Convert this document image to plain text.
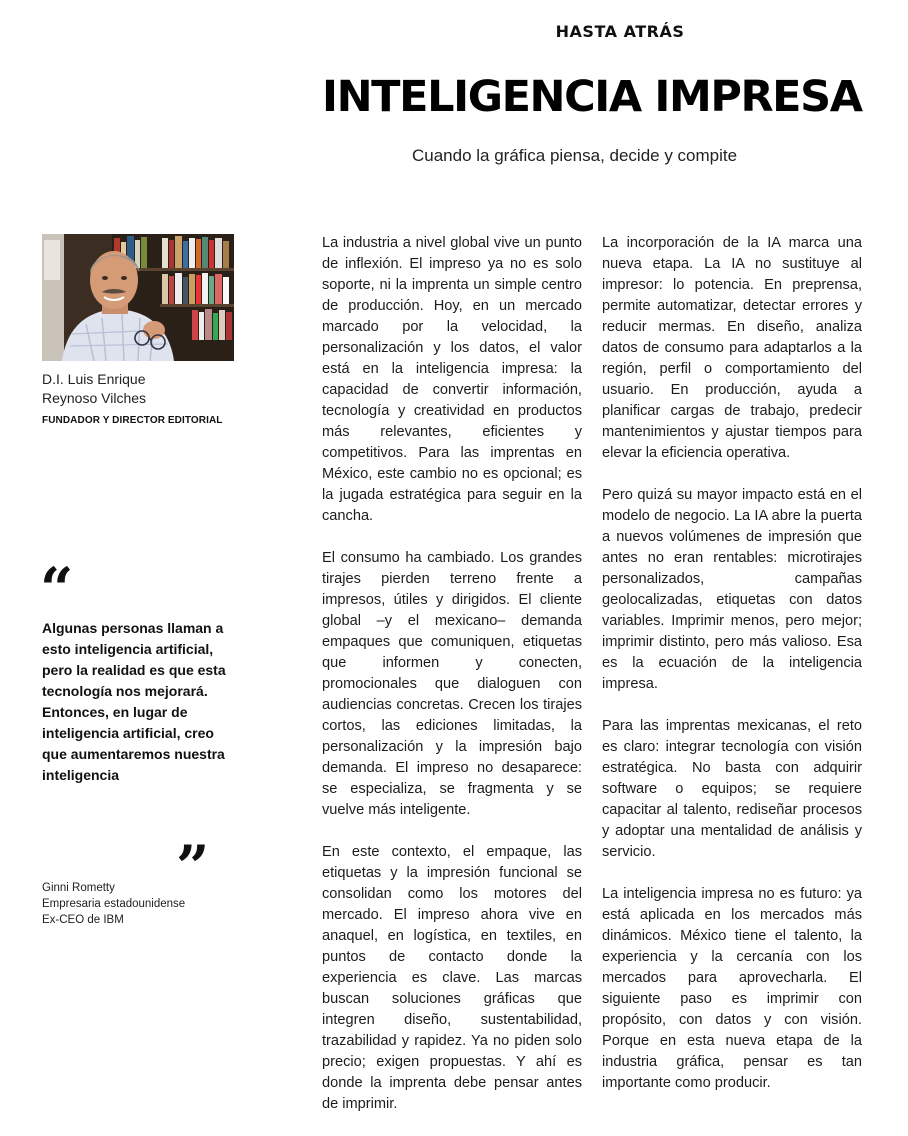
HASTA ATRÁS
INTELIGENCIA IMPRESA
Cuando la gráfica piensa, decide y compite
D.I. Luis Enrique
Reynoso Vilches
FUNDADOR Y DIRECTOR EDITORIAL
“
Algunas personas llaman a esto inteligencia artificial, pero la realidad es que esta tecnología nos mejorará. Entonces, en lugar de inteligencia artificial, creo que aumentaremos nuestra inteligencia
”
Ginni Rometty
Empresaria estadounidense
Ex-CEO de IBM

La industria a nivel global vive un punto de inflexión. El impreso ya no es solo soporte, ni la imprenta un simple centro de producción. Hoy, en un mercado marcado por la velocidad, la personalización y los datos, el valor está en la inteligencia impresa: la capacidad de convertir información, tecnología y creatividad en productos más relevantes, eficientes y competitivos. Para las imprentas en México, este cambio no es opcional; es la jugada estratégica para seguir en la cancha.

El consumo ha cambiado. Los grandes tirajes pierden terreno frente a impresos, útiles y dirigidos. El cliente global –y el mexicano– demanda empaques que comuniquen, etiquetas que informen y conecten, promocionales que dialoguen con audiencias concretas. Crecen los tirajes cortos, las ediciones limitadas, la personalización y la impresión bajo demanda. El impreso no desaparece: se especializa, se fragmenta y se vuelve más inteligente.

En este contexto, el empaque, las etiquetas y la impresión funcional se consolidan como los motores del mercado. El impreso ahora vive en anaquel, en logística, en textiles, en puntos de contacto donde la experiencia es clave. Las marcas buscan soluciones gráficas que integren diseño, sustentabilidad, trazabilidad y rapidez. Ya no piden solo precio; exigen propuestas. Y ahí es donde la imprenta debe pensar antes de imprimir.

La incorporación de la IA marca una nueva etapa. La IA no sustituye al impresor: lo potencia. En preprensa, permite automatizar, detectar errores y reducir mermas. En diseño, analiza datos de consumo para adaptarlos a la región, perfil o comportamiento del usuario. En producción, ayuda a planificar cargas de trabajo, predecir mantenimientos y ajustar tiempos para elevar la eficiencia operativa.

Pero quizá su mayor impacto está en el modelo de negocio. La IA abre la puerta a nuevos volúmenes de impresión que antes no eran rentables: microtirajes personalizados, campañas geolocalizadas, etiquetas con datos variables. Imprimir menos, pero mejor; imprimir distinto, pero más valioso. Esa es la ecuación de la inteligencia impresa.

Para las imprentas mexicanas, el reto es claro: integrar tecnología con visión estratégica. No basta con adquirir software o equipos; se requiere capacitar al talento, rediseñar procesos y adoptar una mentalidad de análisis y servicio.

La inteligencia impresa no es futuro: ya está aplicada en los mercados más dinámicos. México tiene el talento, la experiencia y la cercanía con los mercados para aprovecharla. El siguiente paso es imprimir con propósito, con datos y con visión. Porque en esta nueva etapa de la industria gráfica, pensar es tan importante como producir.
